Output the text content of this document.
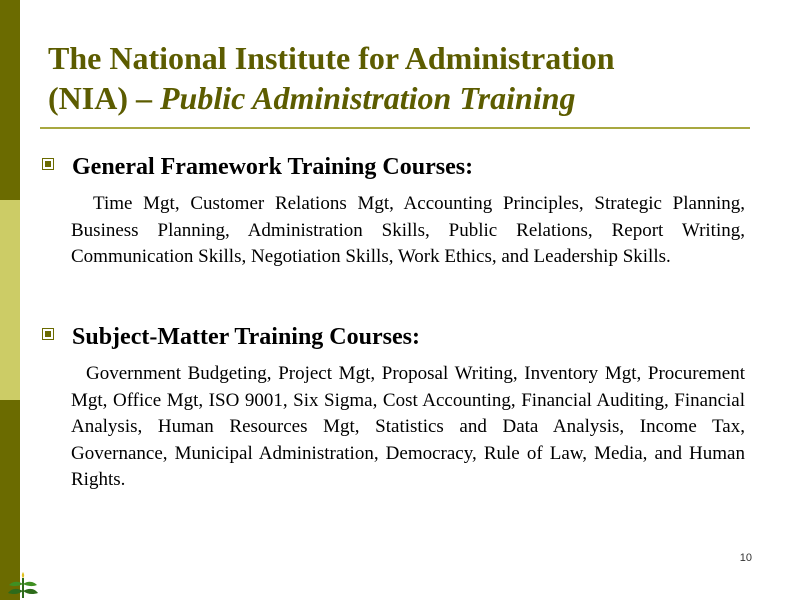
The National Institute for Administration
(NIA) – Public Administration Training
General Framework Training Courses:
Time Mgt, Customer Relations Mgt, Accounting Principles, Strategic Planning, Business Planning, Administration Skills, Public Relations, Report Writing, Communication Skills, Negotiation Skills, Work Ethics, and Leadership Skills.
Subject-Matter Training Courses:
Government Budgeting, Project Mgt, Proposal Writing, Inventory Mgt, Procurement Mgt, Office Mgt, ISO 9001, Six Sigma, Cost Accounting, Financial Auditing, Financial Analysis, Human Resources Mgt, Statistics and Data Analysis, Income Tax, Governance, Municipal Administration, Democracy, Rule of Law, Media, and Human Rights.
10
